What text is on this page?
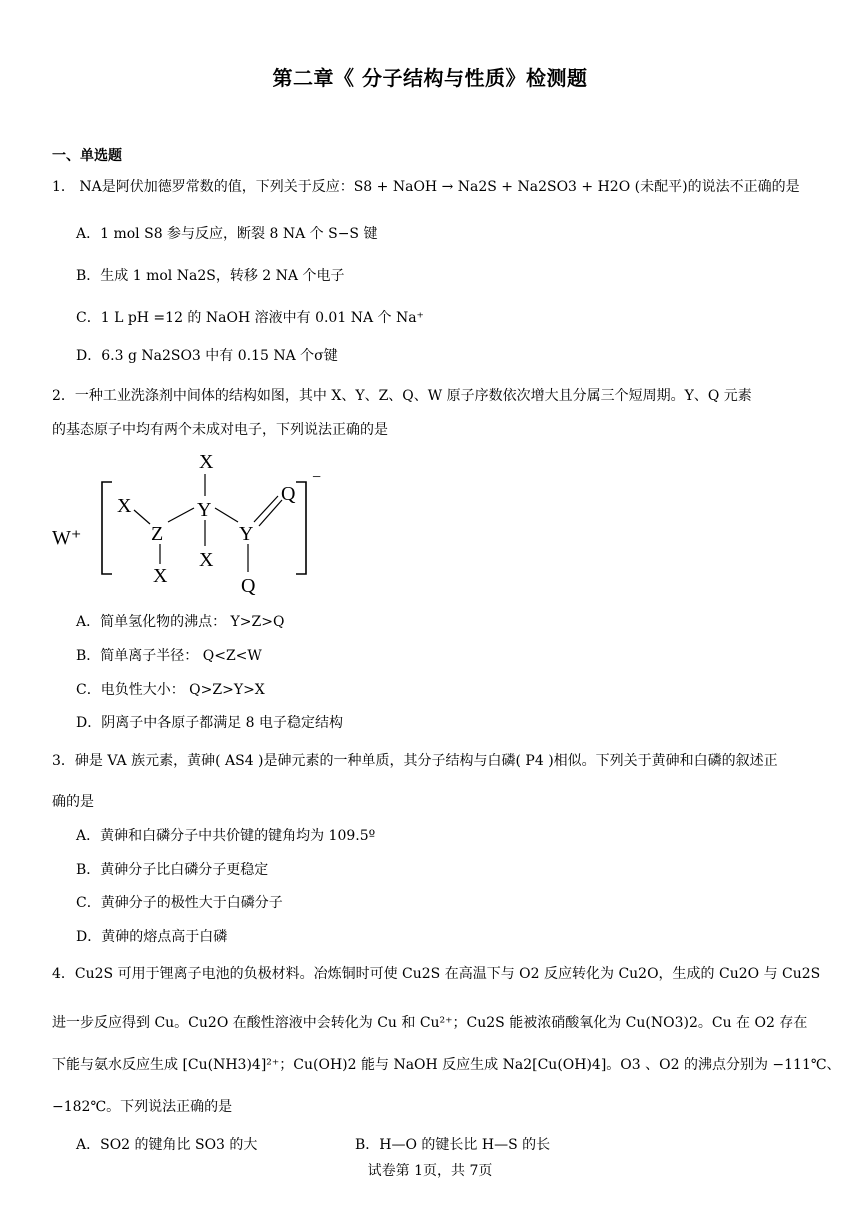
第二章《 分子结构与性质》检测题
一、单选题
1． NA是阿伏加德罗常数的值，下列关于反应：S8 + NaOH → Na2S + Na2SO3 + H2O (未配平)的说法不正确的是
A．1 mol S8 参与反应，断裂 8 NA 个 S−S 键
B．生成 1 mol Na2S，转移 2 NA 个电子
C．1 L pH =12 的 NaOH 溶液中有 0.01 NA 个 Na⁺
D．6.3 g Na2SO3 中有 0.15 NA 个σ键
2．一种工业洗涤剂中间体的结构如图，其中 X、Y、Z、Q、W 原子序数依次增大且分属三个短周期。Y、Q 元素
的基态原子中均有两个未成对电子，下列说法正确的是
W⁺
−
X
X
Z
Y
Y
Q
X
X
Q
A．简单氢化物的沸点： Y>Z>Q
B．简单离子半径： Q<Z<W
C．电负性大小： Q>Z>Y>X
D．阴离子中各原子都满足 8 电子稳定结构
3．砷是 VA 族元素，黄砷( AS4 )是砷元素的一种单质，其分子结构与白磷( P4 )相似。下列关于黄砷和白磷的叙述正
确的是
A．黄砷和白磷分子中共价键的键角均为 109.5º
B．黄砷分子比白磷分子更稳定
C．黄砷分子的极性大于白磷分子
D．黄砷的熔点高于白磷
4．Cu2S 可用于锂离子电池的负极材料。冶炼铜时可使 Cu2S 在高温下与 O2 反应转化为 Cu2O，生成的 Cu2O 与 Cu2S
进一步反应得到 Cu。Cu2O 在酸性溶液中会转化为 Cu 和 Cu²⁺；Cu2S 能被浓硝酸氧化为 Cu(NO3)2。Cu 在 O2 存在
下能与氨水反应生成 [Cu(NH3)4]²⁺；Cu(OH)2 能与 NaOH 反应生成 Na2[Cu(OH)4]。O3 、O2 的沸点分别为 −111℃、
−182℃。下列说法正确的是
A．SO2 的键角比 SO3 的大	B．H—O 的键长比 H—S 的长
试卷第 1页，共 7页
